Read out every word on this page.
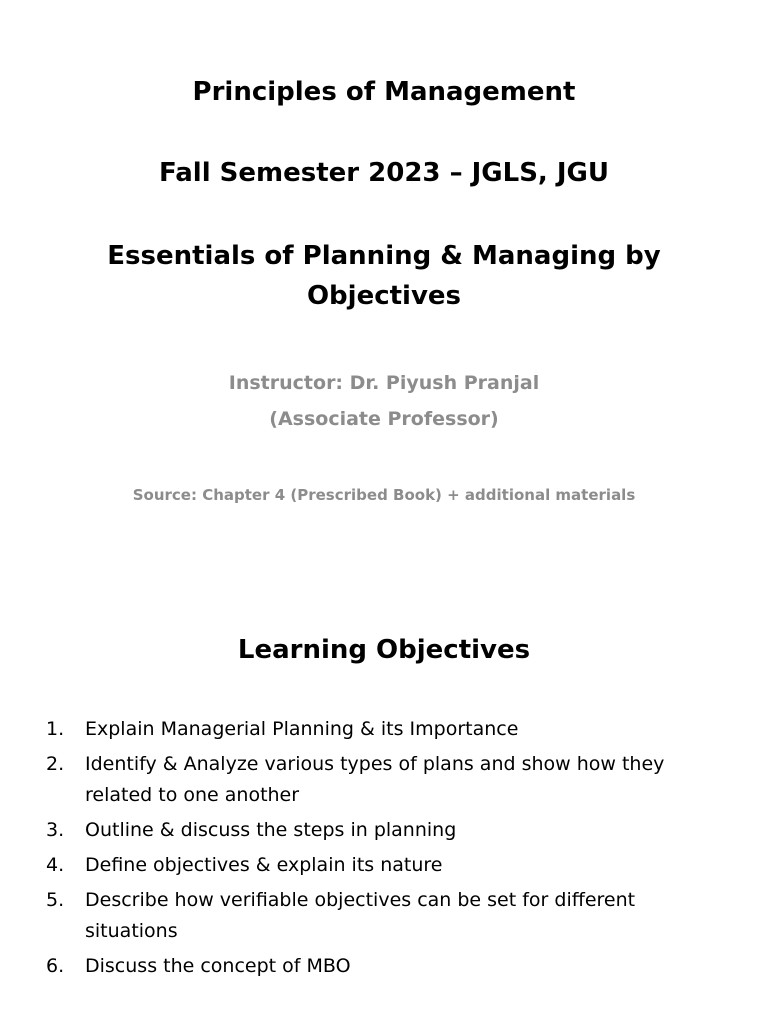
Principles of Management
Fall Semester 2023 – JGLS, JGU
Essentials of Planning & Managing by
Objectives
Instructor: Dr. Piyush Pranjal
(Associate Professor)
Source: Chapter 4 (Prescribed Book) + additional materials
Learning Objectives
1. Explain Managerial Planning & its Importance
2. Identify & Analyze various types of plans and show how they related to one another
3. Outline & discuss the steps in planning
4. Define objectives & explain its nature
5. Describe how verifiable objectives can be set for different situations
6. Discuss the concept of MBO
